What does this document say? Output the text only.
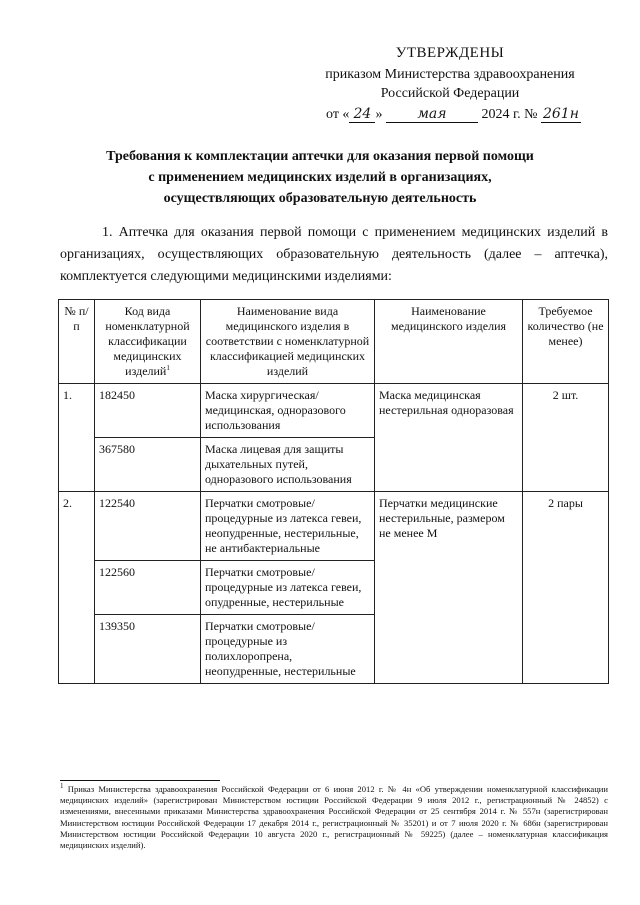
УТВЕРЖДЕНЫ
приказом Министерства здравоохранения
Российской Федерации
от « 24 » мая 2024 г. № 261н
Требования к комплектации аптечки для оказания первой помощи
с применением медицинских изделий в организациях,
осуществляющих образовательную деятельность
1. Аптечка для оказания первой помощи с применением медицинских изделий в организациях, осуществляющих образовательную деятельность (далее – аптечка), комплектуется следующими медицинскими изделиями:
№ п/п	Код вида номенклатурной классификации медицинских изделий$^1$	Наименование вида медицинского изделия в соответствии с номенклатурной классификацией медицинских изделий	Наименование медицинского изделия	Требуемое количество (не менее)
1.	182450	Маска хирургическая/ медицинская, одноразового использования	Маска медицинская нестерильная одноразовая	2 шт.
	367580	Маска лицевая для защиты дыхательных путей, одноразового использования		
2.	122540	Перчатки смотровые/ процедурные из латекса гевеи, неопудренные, нестерильные, не антибактериальные	Перчатки медицинские нестерильные, размером не менее M	2 пары
	122560	Перчатки смотровые/ процедурные из латекса гевеи, опудренные, нестерильные		
	139350	Перчатки смотровые/ процедурные из полихлоропрена, неопудренные, нестерильные		
$^1$ Приказ Министерства здравоохранения Российской Федерации от 6 июня 2012 г. № 4н «Об утверждении номенклатурной классификации медицинских изделий» (зарегистрирован Министерством юстиции Российской Федерации 9 июля 2012 г., регистрационный № 24852) с изменениями, внесенными приказами Министерства здравоохранения Российской Федерации от 25 сентября 2014 г. № 557н (зарегистрирован Министерством юстиции Российской Федерации 17 декабря 2014 г., регистрационный № 35201) и от 7 июля 2020 г. № 686н (зарегистрирован Министерством юстиции Российской Федерации 10 августа 2020 г., регистрационный № 59225) (далее – номенклатурная классификация медицинских изделий).
